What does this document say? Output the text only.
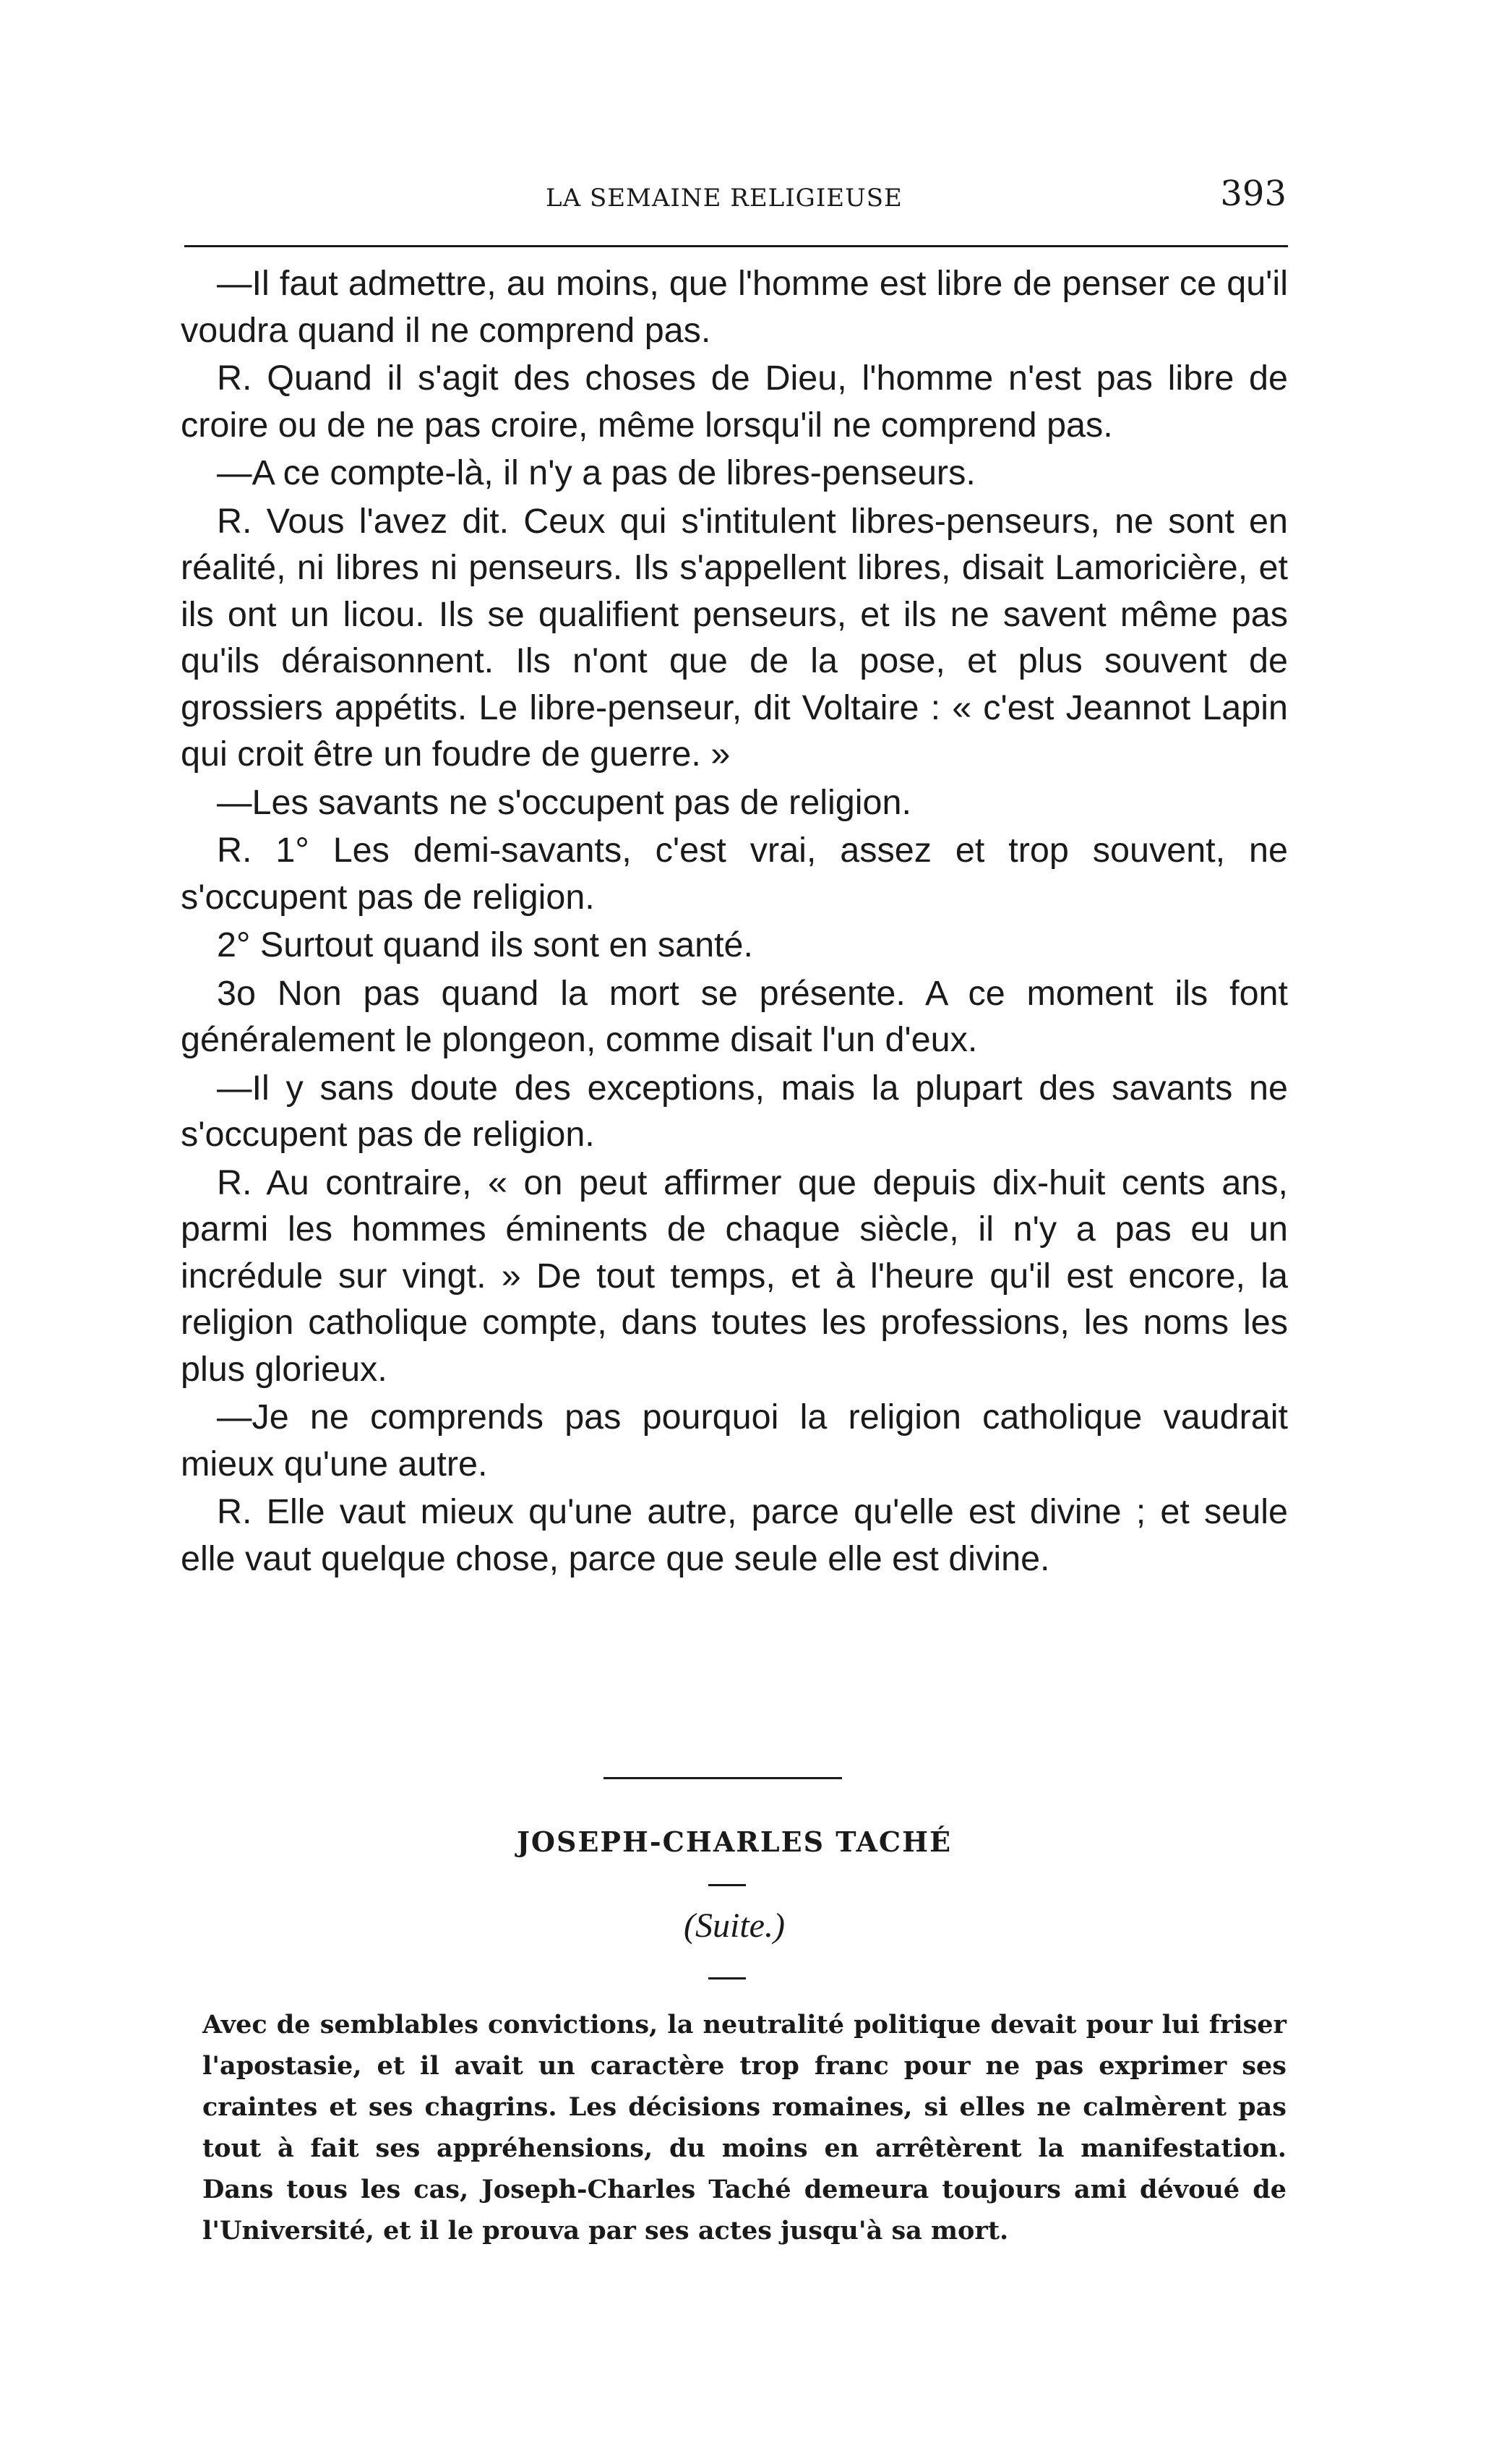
LA SEMAINE RELIGIEUSE	393

—Il faut admettre, au moins, que l'homme est libre de penser ce qu'il voudra quand il ne comprend pas.

R. Quand il s'agit des choses de Dieu, l'homme n'est pas libre de croire ou de ne pas croire, même lorsqu'il ne comprend pas.

—A ce compte-là, il n'y a pas de libres-penseurs.

R. Vous l'avez dit. Ceux qui s'intitulent libres-penseurs, ne sont en réalité, ni libres ni penseurs. Ils s'appellent libres, disait Lamoricière, et ils ont un licou. Ils se qualifient penseurs, et ils ne savent même pas qu'ils déraisonnent. Ils n'ont que de la pose, et plus souvent de grossiers appétits. Le libre-penseur, dit Voltaire : « c'est Jeannot Lapin qui croit être un foudre de guerre. »

—Les savants ne s'occupent pas de religion.

R. 1° Les demi-savants, c'est vrai, assez et trop souvent, ne s'occupent pas de religion.

2° Surtout quand ils sont en santé.

3o Non pas quand la mort se présente. A ce moment ils font généralement le plongeon, comme disait l'un d'eux.

—Il y sans doute des exceptions, mais la plupart des savants ne s'occupent pas de religion.

R. Au contraire, « on peut affirmer que depuis dix-huit cents ans, parmi les hommes éminents de chaque siècle, il n'y a pas eu un incrédule sur vingt. » De tout temps, et à l'heure qu'il est encore, la religion catholique compte, dans toutes les professions, les noms les plus glorieux.

—Je ne comprends pas pourquoi la religion catholique vaudrait mieux qu'une autre.

R. Elle vaut mieux qu'une autre, parce qu'elle est divine ; et seule elle vaut quelque chose, parce que seule elle est divine.

JOSEPH-CHARLES TACHÉ
(Suite.)

Avec de semblables convictions, la neutralité politique devait pour lui friser l'apostasie, et il avait un caractère trop franc pour ne pas exprimer ses craintes et ses chagrins. Les décisions romaines, si elles ne calmèrent pas tout à fait ses appréhensions, du moins en arrêtèrent la manifestation. Dans tous les cas, Joseph-Charles Taché demeura toujours ami dévoué de l'Université, et il le prouva par ses actes jusqu'à sa mort.
